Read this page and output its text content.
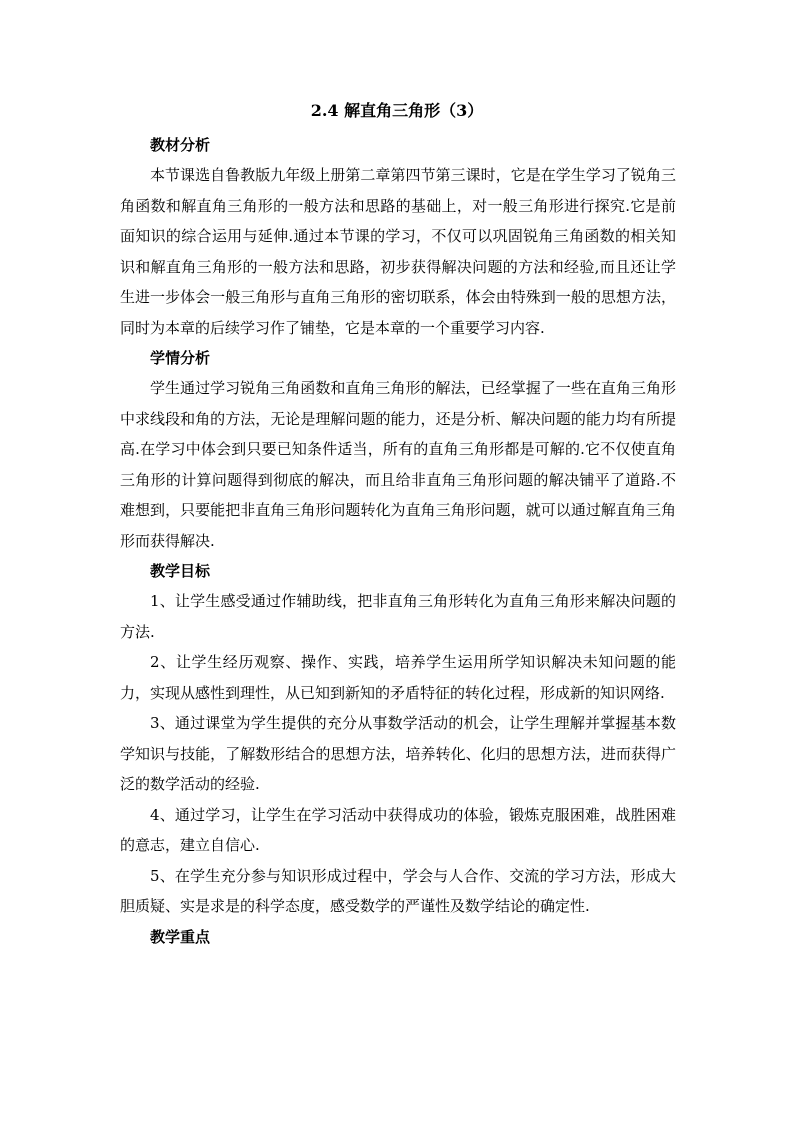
2.4 解直角三角形（3）

教材分析

本节课选自鲁教版九年级上册第二章第四节第三课时，它是在学生学习了锐角三角函数和解直角三角形的一般方法和思路的基础上，对一般三角形进行探究.它是前面知识的综合运用与延伸.通过本节课的学习，不仅可以巩固锐角三角函数的相关知识和解直角三角形的一般方法和思路，初步获得解决问题的方法和经验,而且还让学生进一步体会一般三角形与直角三角形的密切联系，体会由特殊到一般的思想方法，同时为本章的后续学习作了铺垫，它是本章的一个重要学习内容.

学情分析

学生通过学习锐角三角函数和直角三角形的解法，已经掌握了一些在直角三角形中求线段和角的方法，无论是理解问题的能力，还是分析、解决问题的能力均有所提高.在学习中体会到只要已知条件适当，所有的直角三角形都是可解的.它不仅使直角三角形的计算问题得到彻底的解决，而且给非直角三角形问题的解决铺平了道路.不难想到，只要能把非直角三角形问题转化为直角三角形问题，就可以通过解直角三角形而获得解决.

教学目标

1、让学生感受通过作辅助线，把非直角三角形转化为直角三角形来解决问题的方法.

2、让学生经历观察、操作、实践，培养学生运用所学知识解决未知问题的能力，实现从感性到理性，从已知到新知的矛盾特征的转化过程，形成新的知识网络.

3、通过课堂为学生提供的充分从事数学活动的机会，让学生理解并掌握基本数学知识与技能，了解数形结合的思想方法，培养转化、化归的思想方法，进而获得广泛的数学活动的经验.

4、通过学习，让学生在学习活动中获得成功的体验，锻炼克服困难，战胜困难的意志，建立自信心.

5、在学生充分参与知识形成过程中，学会与人合作、交流的学习方法，形成大胆质疑、实是求是的科学态度，感受数学的严谨性及数学结论的确定性.

教学重点
